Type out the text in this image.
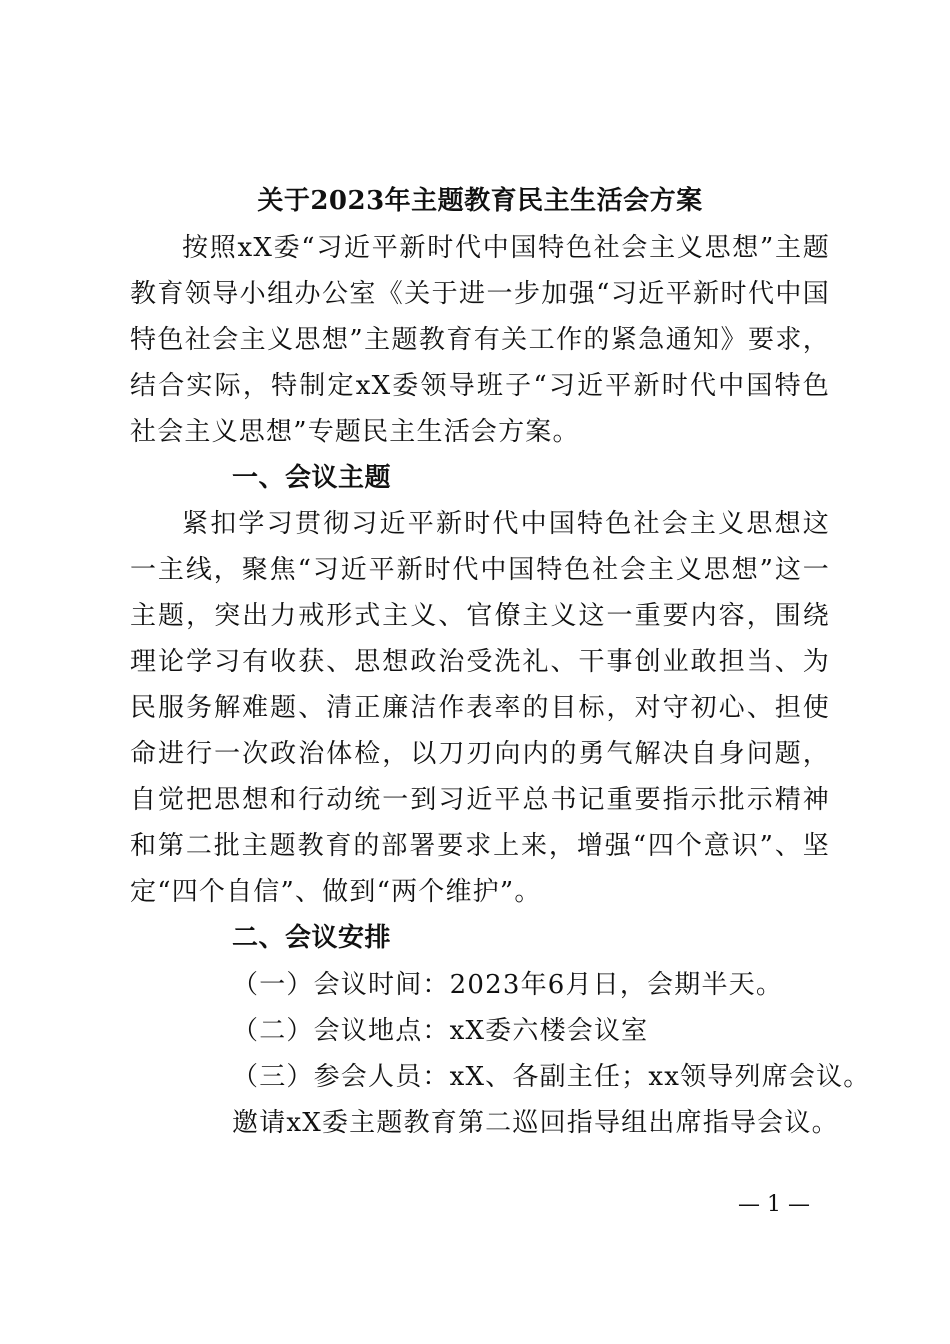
关于2023年主题教育民主生活会方案

按照xX委“习近平新时代中国特色社会主义思想”主题教育领导小组办公室《关于进一步加强“习近平新时代中国特色社会主义思想”主题教育有关工作的紧急通知》要求，结合实际，特制定xX委领导班子“习近平新时代中国特色社会主义思想”专题民主生活会方案。

一、会议主题

紧扣学习贯彻习近平新时代中国特色社会主义思想这一主线，聚焦“习近平新时代中国特色社会主义思想”这一主题，突出力戒形式主义、官僚主义这一重要内容，围绕理论学习有收获、思想政治受洗礼、干事创业敢担当、为民服务解难题、清正廉洁作表率的目标，对守初心、担使命进行一次政治体检，以刀刃向内的勇气解决自身问题，自觉把思想和行动统一到习近平总书记重要指示批示精神和第二批主题教育的部署要求上来，增强“四个意识”、坚定“四个自信”、做到“两个维护”。

二、会议安排
（一）会议时间：2023年6月日，会期半天。
（二）会议地点：xX委六楼会议室
（三）参会人员：xX、各副主任；xx领导列席会议。
邀请xX委主题教育第二巡回指导组出席指导会议。
— 1 —
